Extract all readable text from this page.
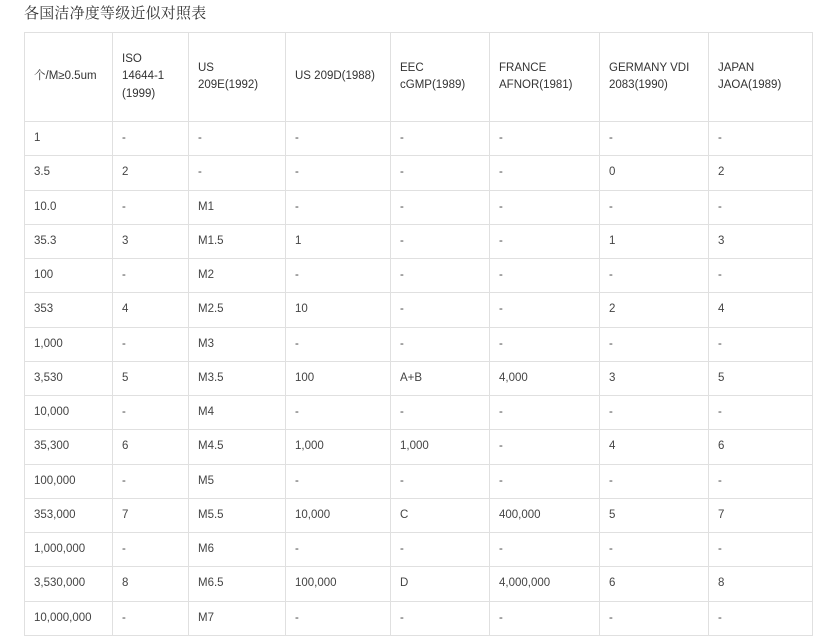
各国洁净度等级近似对照表
个/M≥0.5um	ISO 14644-1 (1999)	US 209E(1992)	US 209D(1988)	EEC cGMP(1989)	FRANCE AFNOR(1981)	GERMANY VDI 2083(1990)	JAPAN JAOA(1989)
1	-	-	-	-	-	-	-
3.5	2	-	-	-	-	0	2
10.0	-	M1	-	-	-	-	-
35.3	3	M1.5	1	-	-	1	3
100	-	M2	-	-	-	-	-
353	4	M2.5	10	-	-	2	4
1,000	-	M3	-	-	-	-	-
3,530	5	M3.5	100	A+B	4,000	3	5
10,000	-	M4	-	-	-	-	-
35,300	6	M4.5	1,000	1,000	-	4	6
100,000	-	M5	-	-	-	-	-
353,000	7	M5.5	10,000	C	400,000	5	7
1,000,000	-	M6	-	-	-	-	-
3,530,000	8	M6.5	100,000	D	4,000,000	6	8
10,000,000	-	M7	-	-	-	-	-
